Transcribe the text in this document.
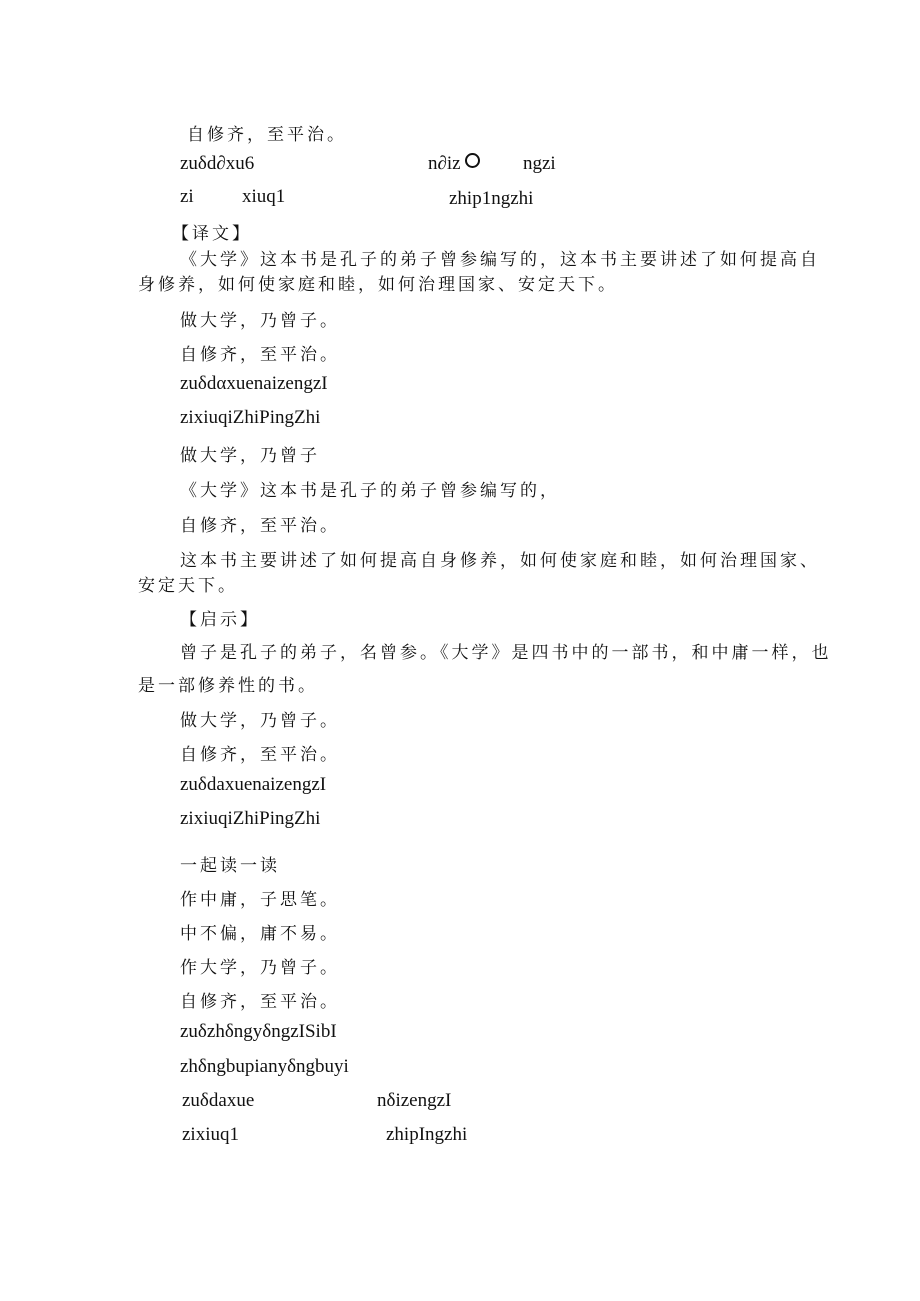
自修齐，至平治。
zuδd∂xu6	n∂iz	ngzi
zi	xiuq1	zhip1ngzhi
【译文】
《大学》这本书是孔子的弟子曾参编写的，这本书主要讲述了如何提高自
身修养，如何使家庭和睦，如何治理国家、安定天下。
做大学，乃曾子。
自修齐，至平治。
zuδdαxuenaizengzI
zixiuqiZhiPingZhi
做大学，乃曾子
《大学》这本书是孔子的弟子曾参编写的，
自修齐，至平治。
这本书主要讲述了如何提高自身修养，如何使家庭和睦，如何治理国家、
安定天下。
【启示】
曾子是孔子的弟子，名曾参。《大学》是四书中的一部书，和中庸一样，也
是一部修养性的书。
做大学，乃曾子。
自修齐，至平治。
zuδdaxuenaizengzI
zixiuqiZhiPingZhi
一起读一读
作中庸，子思笔。
中不偏，庸不易。
作大学，乃曾子。
自修齐，至平治。
zuδzhδngyδngzISibI
zhδngbupianyδngbuyi
zuδdaxue	nδizengzI
zixiuq1	zhipIngzhi
